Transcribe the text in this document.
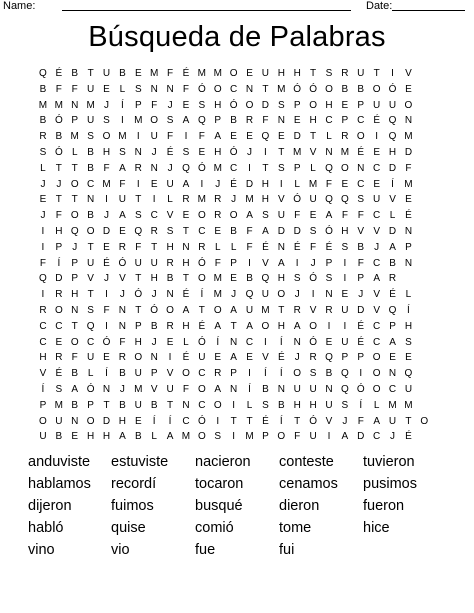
Name:	Date:
Búsqueda de Palabras
Q É B T U B E M F É M M O E U H H T S R U T I V
B F F U E L S N N F Ó O C N T M Ó Ó O B B O Ó E
M M N M J Í P F J E S H Ó O D S P O H E P U U O
B Ó P U S I M O S A Q P B R F N E H C P C É Q N
R B M S O M I U F I F A E E Q E D T L R O I Q M
S Ó L B H S N J É S E H Ó J I T M V N M É E H D
L T T B F A R N J Q Ó M C I T S P L Q O N C D F
J J O C M F I E U A I J É D H I L M F E C E Í M
E T T N I U T I L R M R J M H V Ó U Q Q S U V E
J F O B J A S C V E O R O A S U F E A F F C L É
I H Q O D E Q R S T C E B F A D D S Ó H V V D N
I P J T E R F T H N R L L F É N É F É S B J A P
F Í P U É Ó U U R H Ó F P I V A I J P I F C B N
Q D P V J V T H B T O M E B Q H S Ó S I P A R
I R H T I J Ó J N É Í M J Q U O J I N E J V É L
R O N S F N T Ó O A T O A U M T R V R U D V Q Í
C C T Q I N P B R H É A T A O H A O I I É C P H
C E O C Ó F H J E L Ó Í N C I Í N Ó E U É C A S
H R F U E R O N I É U E A E V É J R Q P P O E E
V É B L Í B U P V O C R P I Í Í O S B Q I O N Q
Í S A Ó N J M V U F O A N Í B N U U N Q Ó O C U
P M B P T B U B T N C O I L S B H H U S Í L M M
O U N O D H E Í Í C Ó I T T É Í T Ó V J F A U T O
U B E H H A B L A M O S I M P O F U I A D C J É
anduviste estuviste nacieron conteste tuvieron
hablamos recordí	tocaron cenamos pusimos
dijeron	fuimos	busqué	dieron	fueron
habló	quise	comió	tome	hice
vino	vio	fue	fui
